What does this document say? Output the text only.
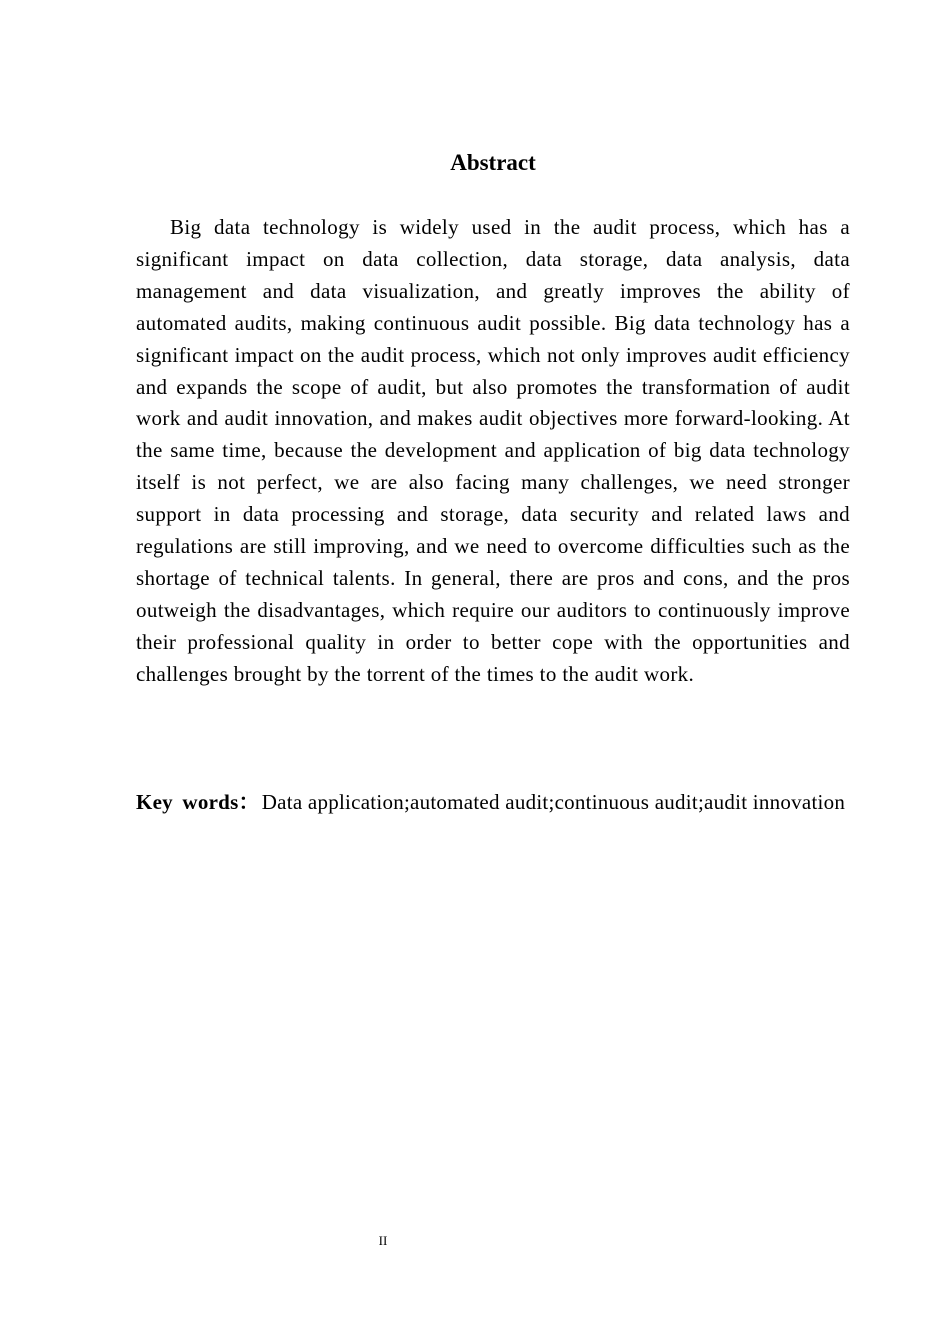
Abstract

Big data technology is widely used in the audit process, which has a significant impact on data collection, data storage, data analysis, data management and data visualization, and greatly improves the ability of automated audits, making continuous audit possible. Big data technology has a significant impact on the audit process, which not only improves audit efficiency and expands the scope of audit, but also promotes the transformation of audit work and audit innovation, and makes audit objectives more forward-looking. At the same time, because the development and application of big data technology itself is not perfect, we are also facing many challenges, we need stronger support in data processing and storage, data security and related laws and regulations are still improving, and we need to overcome difficulties such as the shortage of technical talents. In general, there are pros and cons, and the pros outweigh the disadvantages, which require our auditors to continuously improve their professional quality in order to better cope with the opportunities and challenges brought by the torrent of the times to the audit work.

Key words：Data application;automated audit;continuous audit;audit innovation

II
